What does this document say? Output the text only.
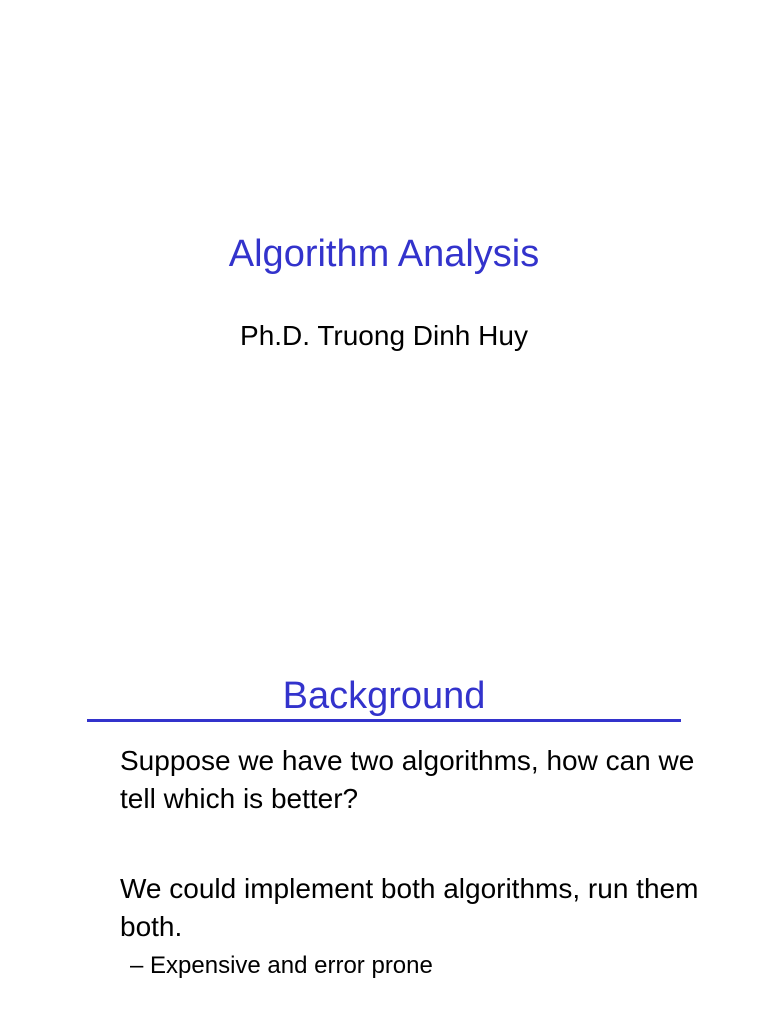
Algorithm Analysis

Ph.D. Truong Dinh Huy

Background

Suppose we have two algorithms, how can we tell which is better?

We could implement both algorithms, run them both.

– Expensive and error prone
